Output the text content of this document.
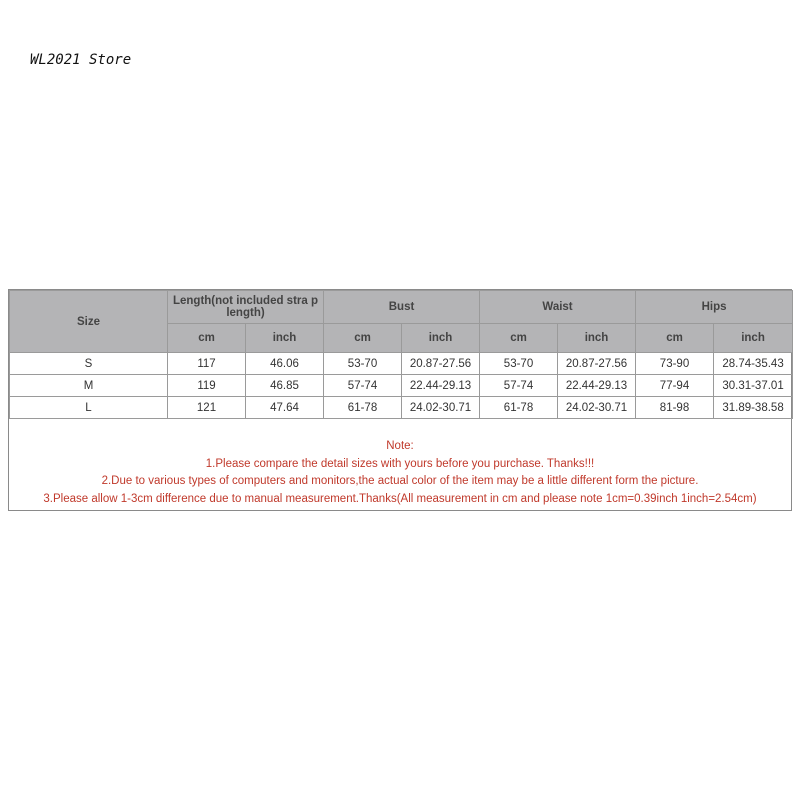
WL2021 Store
Size	Length(not included stra p length)		Bust		Waist		Hips	
	cm	inch	cm	inch	cm	inch	cm	inch
S	117	46.06	53-70	20.87-27.56	53-70	20.87-27.56	73-90	28.74-35.43
M	119	46.85	57-74	22.44-29.13	57-74	22.44-29.13	77-94	30.31-37.01
L	121	47.64	61-78	24.02-30.71	61-78	24.02-30.71	81-98	31.89-38.58
Note:
1.Please compare the detail sizes with yours before you purchase. Thanks!!!
2.Due to various types of computers and monitors,the actual color of the item may be a little different form the picture.
3.Please allow 1-3cm difference due to manual measurement.Thanks(All measurement in cm and please note 1cm=0.39inch 1inch=2.54cm)
